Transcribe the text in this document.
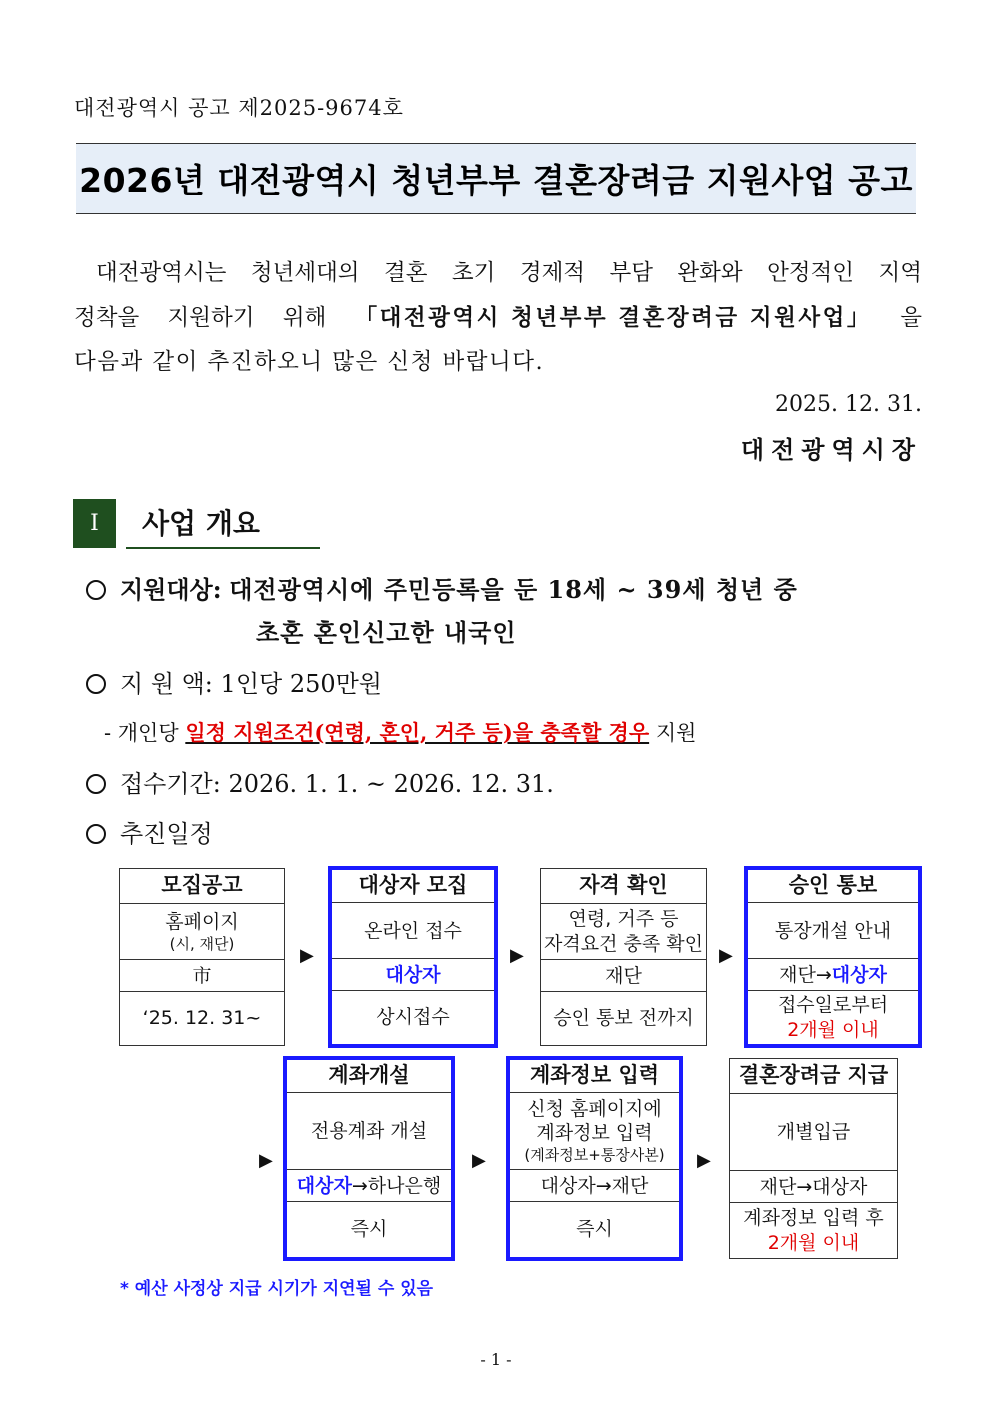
대전광역시 공고 제2025-9674호
2026년 대전광역시 청년부부 결혼장려금 지원사업 공고
대전광역시는 청년세대의 결혼 초기 경제적 부담 완화와 안정적인 지역
정착을 지원하기 위해 「대전광역시 청년부부 결혼장려금 지원사업」 을
다음과 같이 추진하오니 많은 신청 바랍니다.
2025. 12. 31.
대전광역시장
Ⅰ	사업 개요
지원대상: 대전광역시에 주민등록을 둔 18세 ~ 39세 청년 중
초혼 혼인신고한 내국인
지 원 액: 1인당 250만원
- 개인당 일정 지원조건(연령, 혼인, 거주 등)을 충족할 경우 지원
접수기간: 2026. 1. 1. ~ 2026. 12. 31.
추진일정
모집공고
홈페이지
(시, 재단)
市
‘25. 12. 31~
▶
대상자 모집
온라인 접수
대상자
상시접수
▶
자격 확인
연령, 거주 등
자격요건 충족 확인
재단
승인 통보 전까지
▶
승인 통보
통장개설 안내
재단→ 대상자
접수일로부터
2개월 이내
▶
계좌개설
전용계좌 개설
대상자 →하나은행
즉시
▶
계좌정보 입력
신청 홈페이지에
계좌정보 입력
(계좌정보+통장사본)
대상자→재단
즉시
▶
결혼장려금 지급
개별입금
재단→대상자
계좌정보 입력 후
2개월 이내
* 예산 사정상 지급 시기가 지연될 수 있음
- 1 -
